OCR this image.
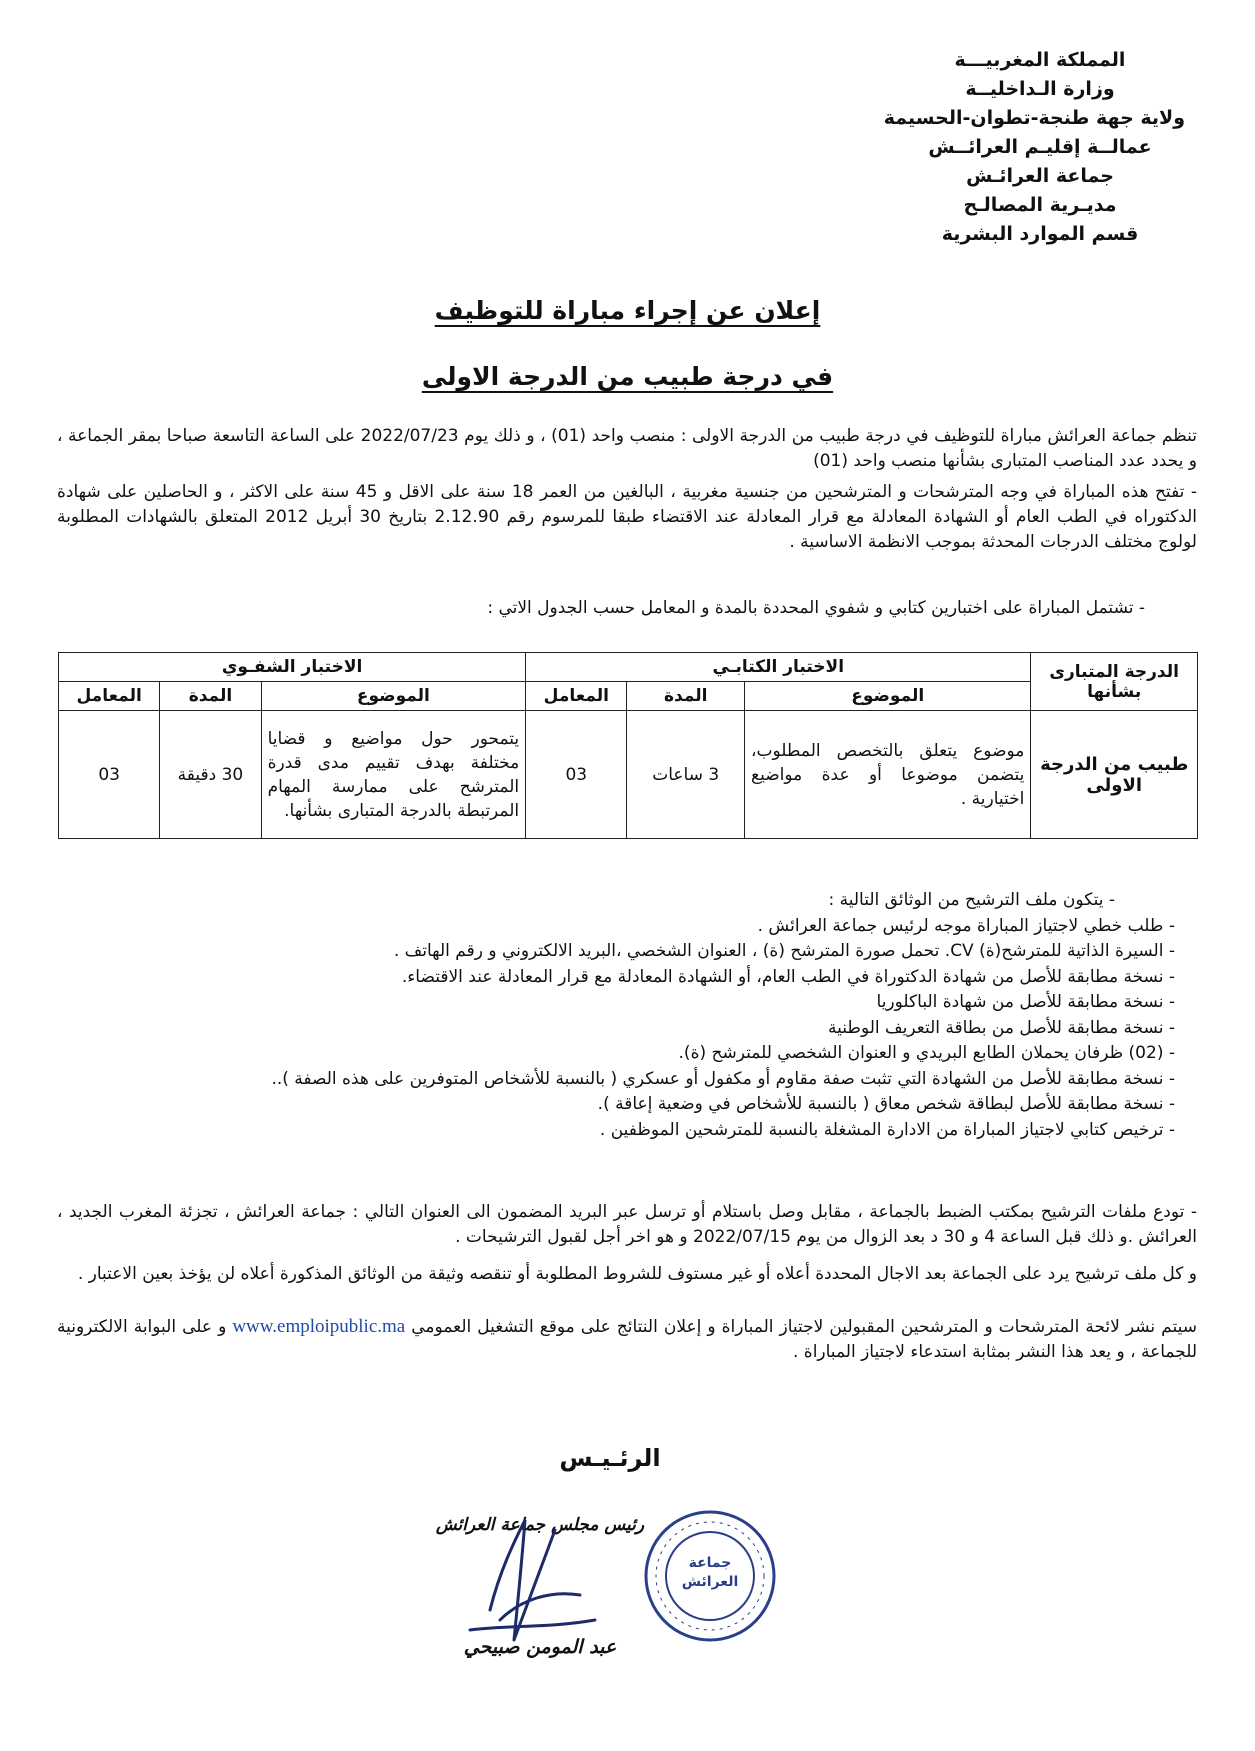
المملكة المغربيـــة
وزارة الـداخليــة
ولاية جهة طنجة-تطوان-الحسيمة
عمالــة إقليـم العرائــش
جماعة العرائـش
مديـرية المصالـح
قسم الموارد البشرية
إعلان عن إجراء مباراة للتوظيف
في درجة طبيب من الدرجة الاولى
تنظم جماعة العرائش مباراة للتوظيف في درجة طبيب من الدرجة الاولى : منصب واحد (01) ، و ذلك يوم 2022/07/23 على الساعة التاسعة صباحا بمقر الجماعة ، و يحدد عدد المناصب المتبارى بشأنها منصب واحد (01)
- تفتح هذه المباراة في وجه المترشحات و المترشحين من جنسية مغربية ، البالغين من العمر 18 سنة على الاقل و 45 سنة على الاكثر ، و الحاصلين على شهادة الدكتوراه في الطب العام أو الشهادة المعادلة مع قرار المعادلة عند الاقتضاء طبقا للمرسوم رقم 2.12.90 بتاريخ 30 أبريل 2012 المتعلق بالشهادات المطلوبة لولوج مختلف الدرجات المحدثة بموجب الانظمة الاساسية .
- تشتمل المباراة على اختبارين كتابي و شفوي المحددة بالمدة و المعامل حسب الجدول الاتي :
الدرجة المتبارى بشأنها	الاختبار الكتابـي			الاختبار الشفـوي		
	الموضوع	المدة	المعامل	الموضوع	المدة	المعامل
طبيب من الدرجة الاولى	موضوع يتعلق بالتخصص المطلوب، يتضمن موضوعا أو عدة مواضيع اختيارية .	3 ساعات	03	يتمحور حول مواضيع و قضايا مختلفة بهدف تقييم مدى قدرة المترشح على ممارسة المهام المرتبطة بالدرجة المتبارى بشأنها.	30 دقيقة	03
- يتكون ملف الترشيح من الوثائق التالية :
- طلب خطي لاجتياز المباراة موجه لرئيس جماعة العرائش .
- السيرة الذاتية للمترشح(ة) CV. تحمل صورة المترشح (ة) ، العنوان الشخصي ،البريد الالكتروني و رقم الهاتف .
- نسخة مطابقة للأصل من شهادة الدكتوراة في الطب العام، أو الشهادة المعادلة مع قرار المعادلة عند الاقتضاء.
- نسخة مطابقة للأصل من شهادة الباكلوريا
- نسخة مطابقة للأصل من بطاقة التعريف الوطنية
- (02) ظرفان يحملان الطابع البريدي و العنوان الشخصي للمترشح (ة).
- نسخة مطابقة للأصل من الشهادة التي تثبت صفة مقاوم أو مكفول أو عسكري ( بالنسبة للأشخاص المتوفرين على هذه الصفة )..
- نسخة مطابقة للأصل لبطاقة شخص معاق ( بالنسبة للأشخاص في وضعية إعاقة ).
- ترخيص كتابي لاجتياز المباراة من الادارة المشغلة بالنسبة للمترشحين الموظفين .
- تودع ملفات الترشيح بمكتب الضبط بالجماعة ، مقابل وصل باستلام أو ترسل عبر البريد المضمون الى العنوان التالي : جماعة العرائش ، تجزئة المغرب الجديد ، العرائش .و ذلك قبل الساعة 4 و 30 د بعد الزوال من يوم 2022/07/15 و هو اخر أجل لقبول الترشيحات .
و كل ملف ترشيح يرد على الجماعة بعد الاجال المحددة أعلاه أو غير مستوف للشروط المطلوبة أو تنقصه وثيقة من الوثائق المذكورة أعلاه لن يؤخذ بعين الاعتبار .
سيتم نشر لائحة المترشحات و المترشحين المقبولين لاجتياز المباراة و إعلان النتائج على موقع التشغيل العمومي www.emploipublic.ma و على البوابة الالكترونية للجماعة ، و يعد هذا النشر بمثابة استدعاء لاجتياز المباراة .
الرئـيـس
رئيس مجلس جماعة العرائش
عبد المومن صبيحي
جماعة العرائش
